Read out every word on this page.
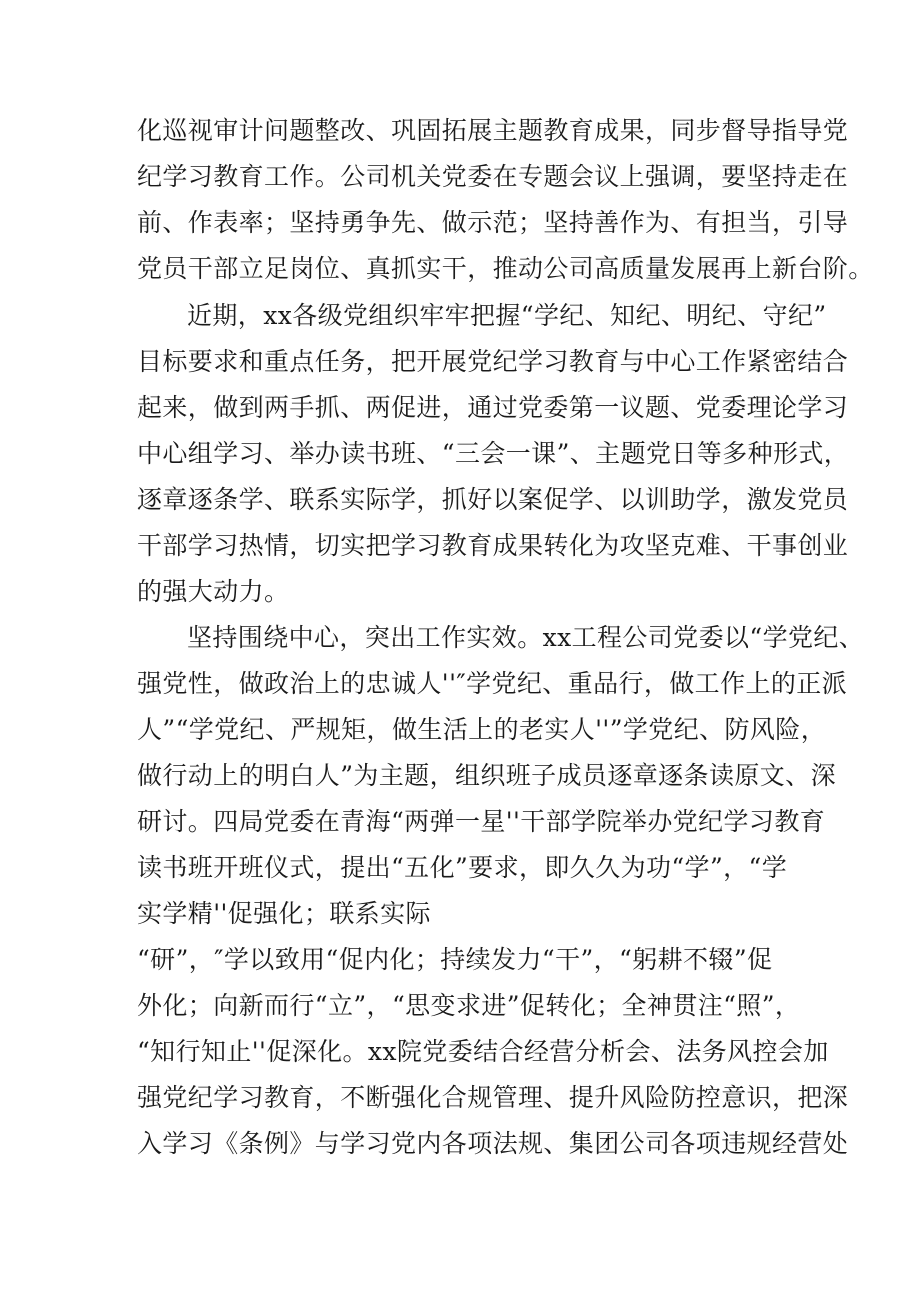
化巡视审计问题整改、巩固拓展主题教育成果，同步督导指导党
纪学习教育工作。公司机关党委在专题会议上强调，要坚持走在
前、作表率；坚持勇争先、做示范；坚持善作为、有担当，引导
党员干部立足岗位、真抓实干，推动公司高质量发展再上新台阶。
近期，xx各级党组织牢牢把握“学纪、知纪、明纪、守纪”
目标要求和重点任务，把开展党纪学习教育与中心工作紧密结合
起来，做到两手抓、两促进，通过党委第一议题、党委理论学习
中心组学习、举办读书班、“三会一课”、主题党日等多种形式，
逐章逐条学、联系实际学，抓好以案促学、以训助学，激发党员
干部学习热情，切实把学习教育成果转化为攻坚克难、干事创业
的强大动力。
坚持围绕中心，突出工作实效。xx工程公司党委以“学党纪、
强党性，做政治上的忠诚人''″学党纪、重品行，做工作上的正派
人”“学党纪、严规矩，做生活上的老实人''”学党纪、防风险，
做行动上的明白人”为主题，组织班子成员逐章逐条读原文、深
研讨。四局党委在青海“两弹一星''干部学院举办党纪学习教育
读书班开班仪式，提出“五化”要求，即久久为功“学”，“学
实学精''促强化；联系实际
“研”，″学以致用“促内化；持续发力“干”，“躬耕不辍”促
外化；向新而行“立”，“思变求进”促转化；全神贯注“照”，
“知行知止''促深化。xx院党委结合经营分析会、法务风控会加
强党纪学习教育，不断强化合规管理、提升风险防控意识，把深
入学习《条例》与学习党内各项法规、集团公司各项违规经营处
